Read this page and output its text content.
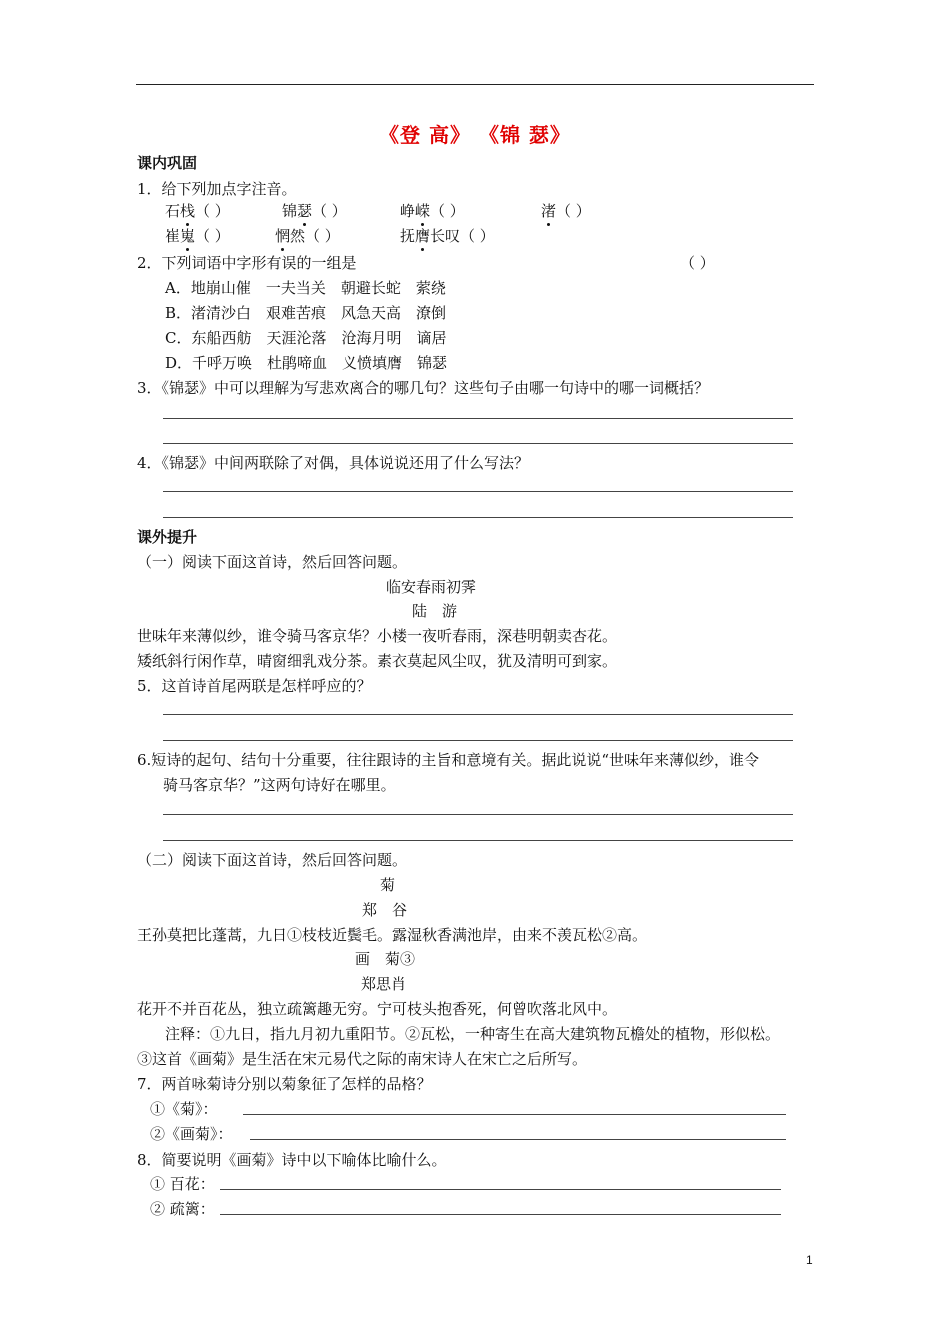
《登 高》 《锦 瑟》
课内巩固
1．给下列加点字注音。
石栈（ ）	锦瑟（ ）	峥嵘（ ）	渚（ ）
崔嵬（ ）	惘然（ ）	抚膺长叹（ ）
2．下列词语中字形有误的一组是	（ ）
A．地崩山催　一夫当关　朝避长蛇　萦绕
B．渚清沙白　艰难苦痕　风急天高　潦倒
C．东船西舫　天涯沦落　沧海月明　谪居
D．千呼万唤　杜鹃啼血　义愤填膺　锦瑟
3．《锦瑟》中可以理解为写悲欢离合的哪几句？这些句子由哪一句诗中的哪一词概括？
4．《锦瑟》中间两联除了对偶，具体说说还用了什么写法？
课外提升
（一）阅读下面这首诗，然后回答问题。
临安春雨初霁
陆　游
世味年来薄似纱，谁令骑马客京华？小楼一夜听春雨，深巷明朝卖杏花。
矮纸斜行闲作草，晴窗细乳戏分茶。素衣莫起风尘叹，犹及清明可到家。
5．这首诗首尾两联是怎样呼应的？
6.短诗的起句、结句十分重要，往往跟诗的主旨和意境有关。据此说说“世味年来薄似纱，谁令
骑马客京华？”这两句诗好在哪里。
（二）阅读下面这首诗，然后回答问题。
菊
郑　谷
王孙莫把比蓬蒿，九日①枝枝近鬓毛。露湿秋香满池岸，由来不羡瓦松②高。
画　菊③
郑思肖
花开不并百花丛，独立疏篱趣无穷。宁可枝头抱香死，何曾吹落北风中。
注释：①九日，指九月初九重阳节。②瓦松，一种寄生在高大建筑物瓦檐处的植物，形似松。
③这首《画菊》是生活在宋元易代之际的南宋诗人在宋亡之后所写。
7．两首咏菊诗分别以菊象征了怎样的品格？
①《菊》：
②《画菊》：
8．简要说明《画菊》诗中以下喻体比喻什么。
① 百花：
② 疏篱：
1
